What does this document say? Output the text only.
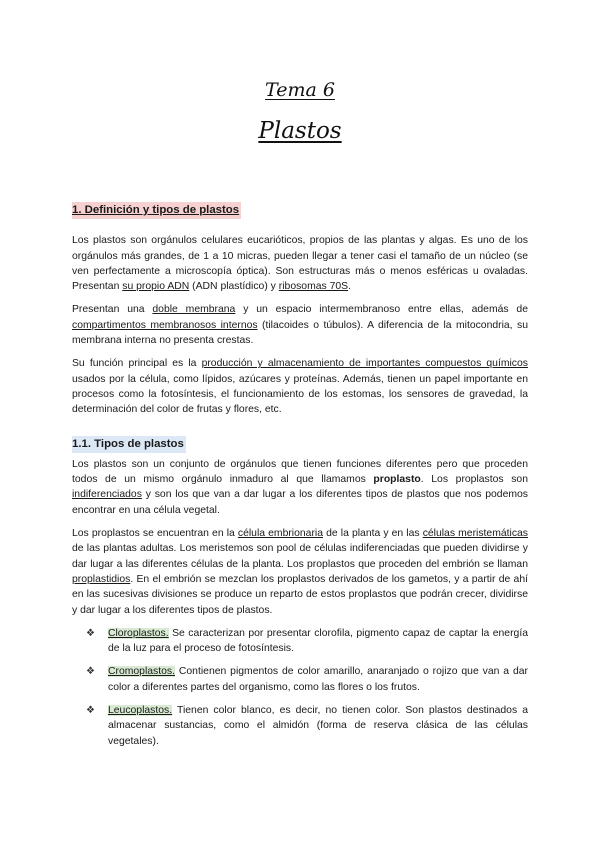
Tema 6
Plastos
1. Definición y tipos de plastos

Los plastos son orgánulos celulares eucarióticos, propios de las plantas y algas. Es uno de los orgánulos más grandes, de 1 a 10 micras, pueden llegar a tener casi el tamaño de un núcleo (se ven perfectamente a microscopía óptica). Son estructuras más o menos esféricas u ovaladas. Presentan su propio ADN (ADN plastídico) y ribosomas 70S.

Presentan una doble membrana y un espacio intermembranoso entre ellas, además de compartimentos membranosos internos (tilacoides o túbulos). A diferencia de la mitocondria, su membrana interna no presenta crestas.

Su función principal es la producción y almacenamiento de importantes compuestos químicos usados por la célula, como lípidos, azúcares y proteínas. Además, tienen un papel importante en procesos como la fotosíntesis, el funcionamiento de los estomas, los sensores de gravedad, la determinación del color de frutas y flores, etc.

1.1. Tipos de plastos

Los plastos son un conjunto de orgánulos que tienen funciones diferentes pero que proceden todos de un mismo orgánulo inmaduro al que llamamos proplasto. Los proplastos son indiferenciados y son los que van a dar lugar a los diferentes tipos de plastos que nos podemos encontrar en una célula vegetal.

Los proplastos se encuentran en la célula embrionaria de la planta y en las células meristemáticas de las plantas adultas. Los meristemos son pool de células indiferenciadas que pueden dividirse y dar lugar a las diferentes células de la planta. Los proplastos que proceden del embrión se llaman proplastidios. En el embrión se mezclan los proplastos derivados de los gametos, y a partir de ahí en las sucesivas divisiones se produce un reparto de estos proplastos que podrán crecer, dividirse y dar lugar a los diferentes tipos de plastos.

❖ Cloroplastos. Se caracterizan por presentar clorofila, pigmento capaz de captar la energía de la luz para el proceso de fotosíntesis.
❖ Cromoplastos. Contienen pigmentos de color amarillo, anaranjado o rojizo que van a dar color a diferentes partes del organismo, como las flores o los frutos.
❖ Leucoplastos. Tienen color blanco, es decir, no tienen color. Son plastos destinados a almacenar sustancias, como el almidón (forma de reserva clásica de las células vegetales).
